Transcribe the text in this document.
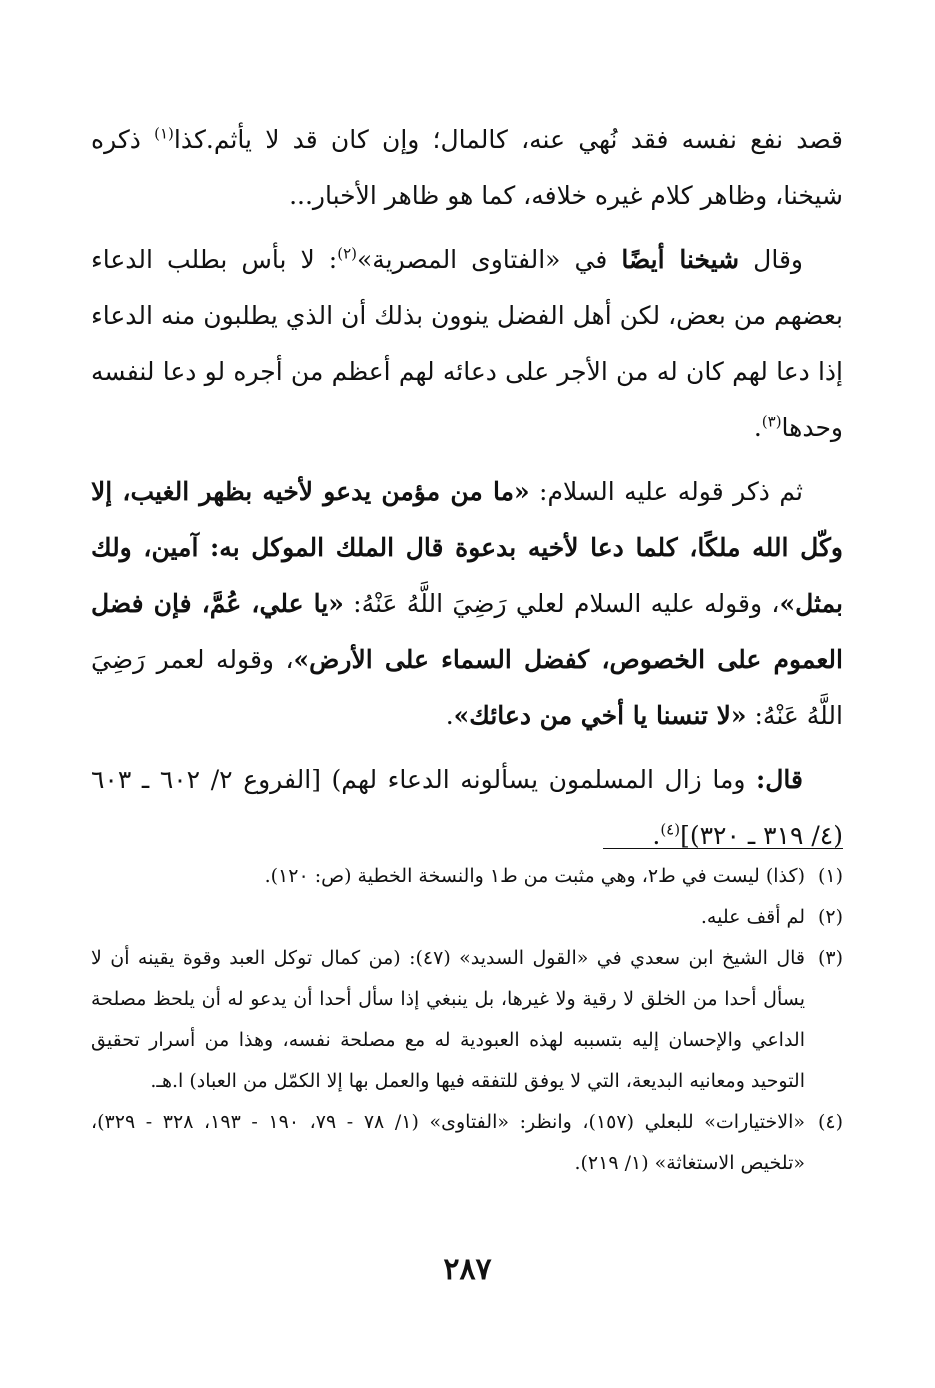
قصد نفع نفسه فقد نُهي عنه، كالمال؛ وإن كان قد لا يأثم.كذا$^{(١)}$ ذكره شيخنا، وظاهر كلام غيره خلافه، كما هو ظاهر الأخبار...

وقال شيخنا أيضًا في «الفتاوى المصرية»$^{(٢)}$: لا بأس بطلب الدعاء بعضهم من بعض، لكن أهل الفضل ينوون بذلك أن الذي يطلبون منه الدعاء إذا دعا لهم كان له من الأجر على دعائه لهم أعظم من أجره لو دعا لنفسه وحدها$^{(٣)}$.

ثم ذكر قوله عليه السلام: «ما من مؤمن يدعو لأخيه بظهر الغيب، إلا وكّل الله ملكًا، كلما دعا لأخيه بدعوة قال الملك الموكل به: آمين، ولك بمثل»، وقوله عليه السلام لعلي رَضِيَ اللَّهُ عَنْهُ: «يا علي، عُمَّ، فإن فضل العموم على الخصوص، كفضل السماء على الأرض»، وقوله لعمر رَضِيَ اللَّهُ عَنْهُ: «لا تنسنا يا أخي من دعائك».

قال: وما زال المسلمون يسألونه الدعاء لهم) [الفروع ٢/ ٦٠٢ ـ ٦٠٣ (٤/ ٣١٩ ـ ٣٢٠)]$^{(٤)}$.

(١)
(كذا) ليست في ط٢، وهي مثبت من ط١ والنسخة الخطية (ص: ١٢٠).

(٢)
لم أقف عليه.

(٣)
قال الشيخ ابن سعدي في «القول السديد» (٤٧): (من كمال توكل العبد وقوة يقينه أن لا يسأل أحدا من الخلق لا رقية ولا غيرها، بل ينبغي إذا سأل أحدا أن يدعو له أن يلحظ مصلحة الداعي والإحسان إليه بتسببه لهذه العبودية له مع مصلحة نفسه، وهذا من أسرار تحقيق التوحيد ومعانيه البديعة، التي لا يوفق للتفقه فيها والعمل بها إلا الكمّل من العباد) ا.هـ.

(٤)
«الاختيارات» للبعلي (١٥٧)، وانظر: «الفتاوى» (١/ ٧٨ - ٧٩، ١٩٠ - ١٩٣، ٣٢٨ - ٣٢٩)، «تلخيص الاستغاثة» (١/ ٢١٩).

٢٨٧
